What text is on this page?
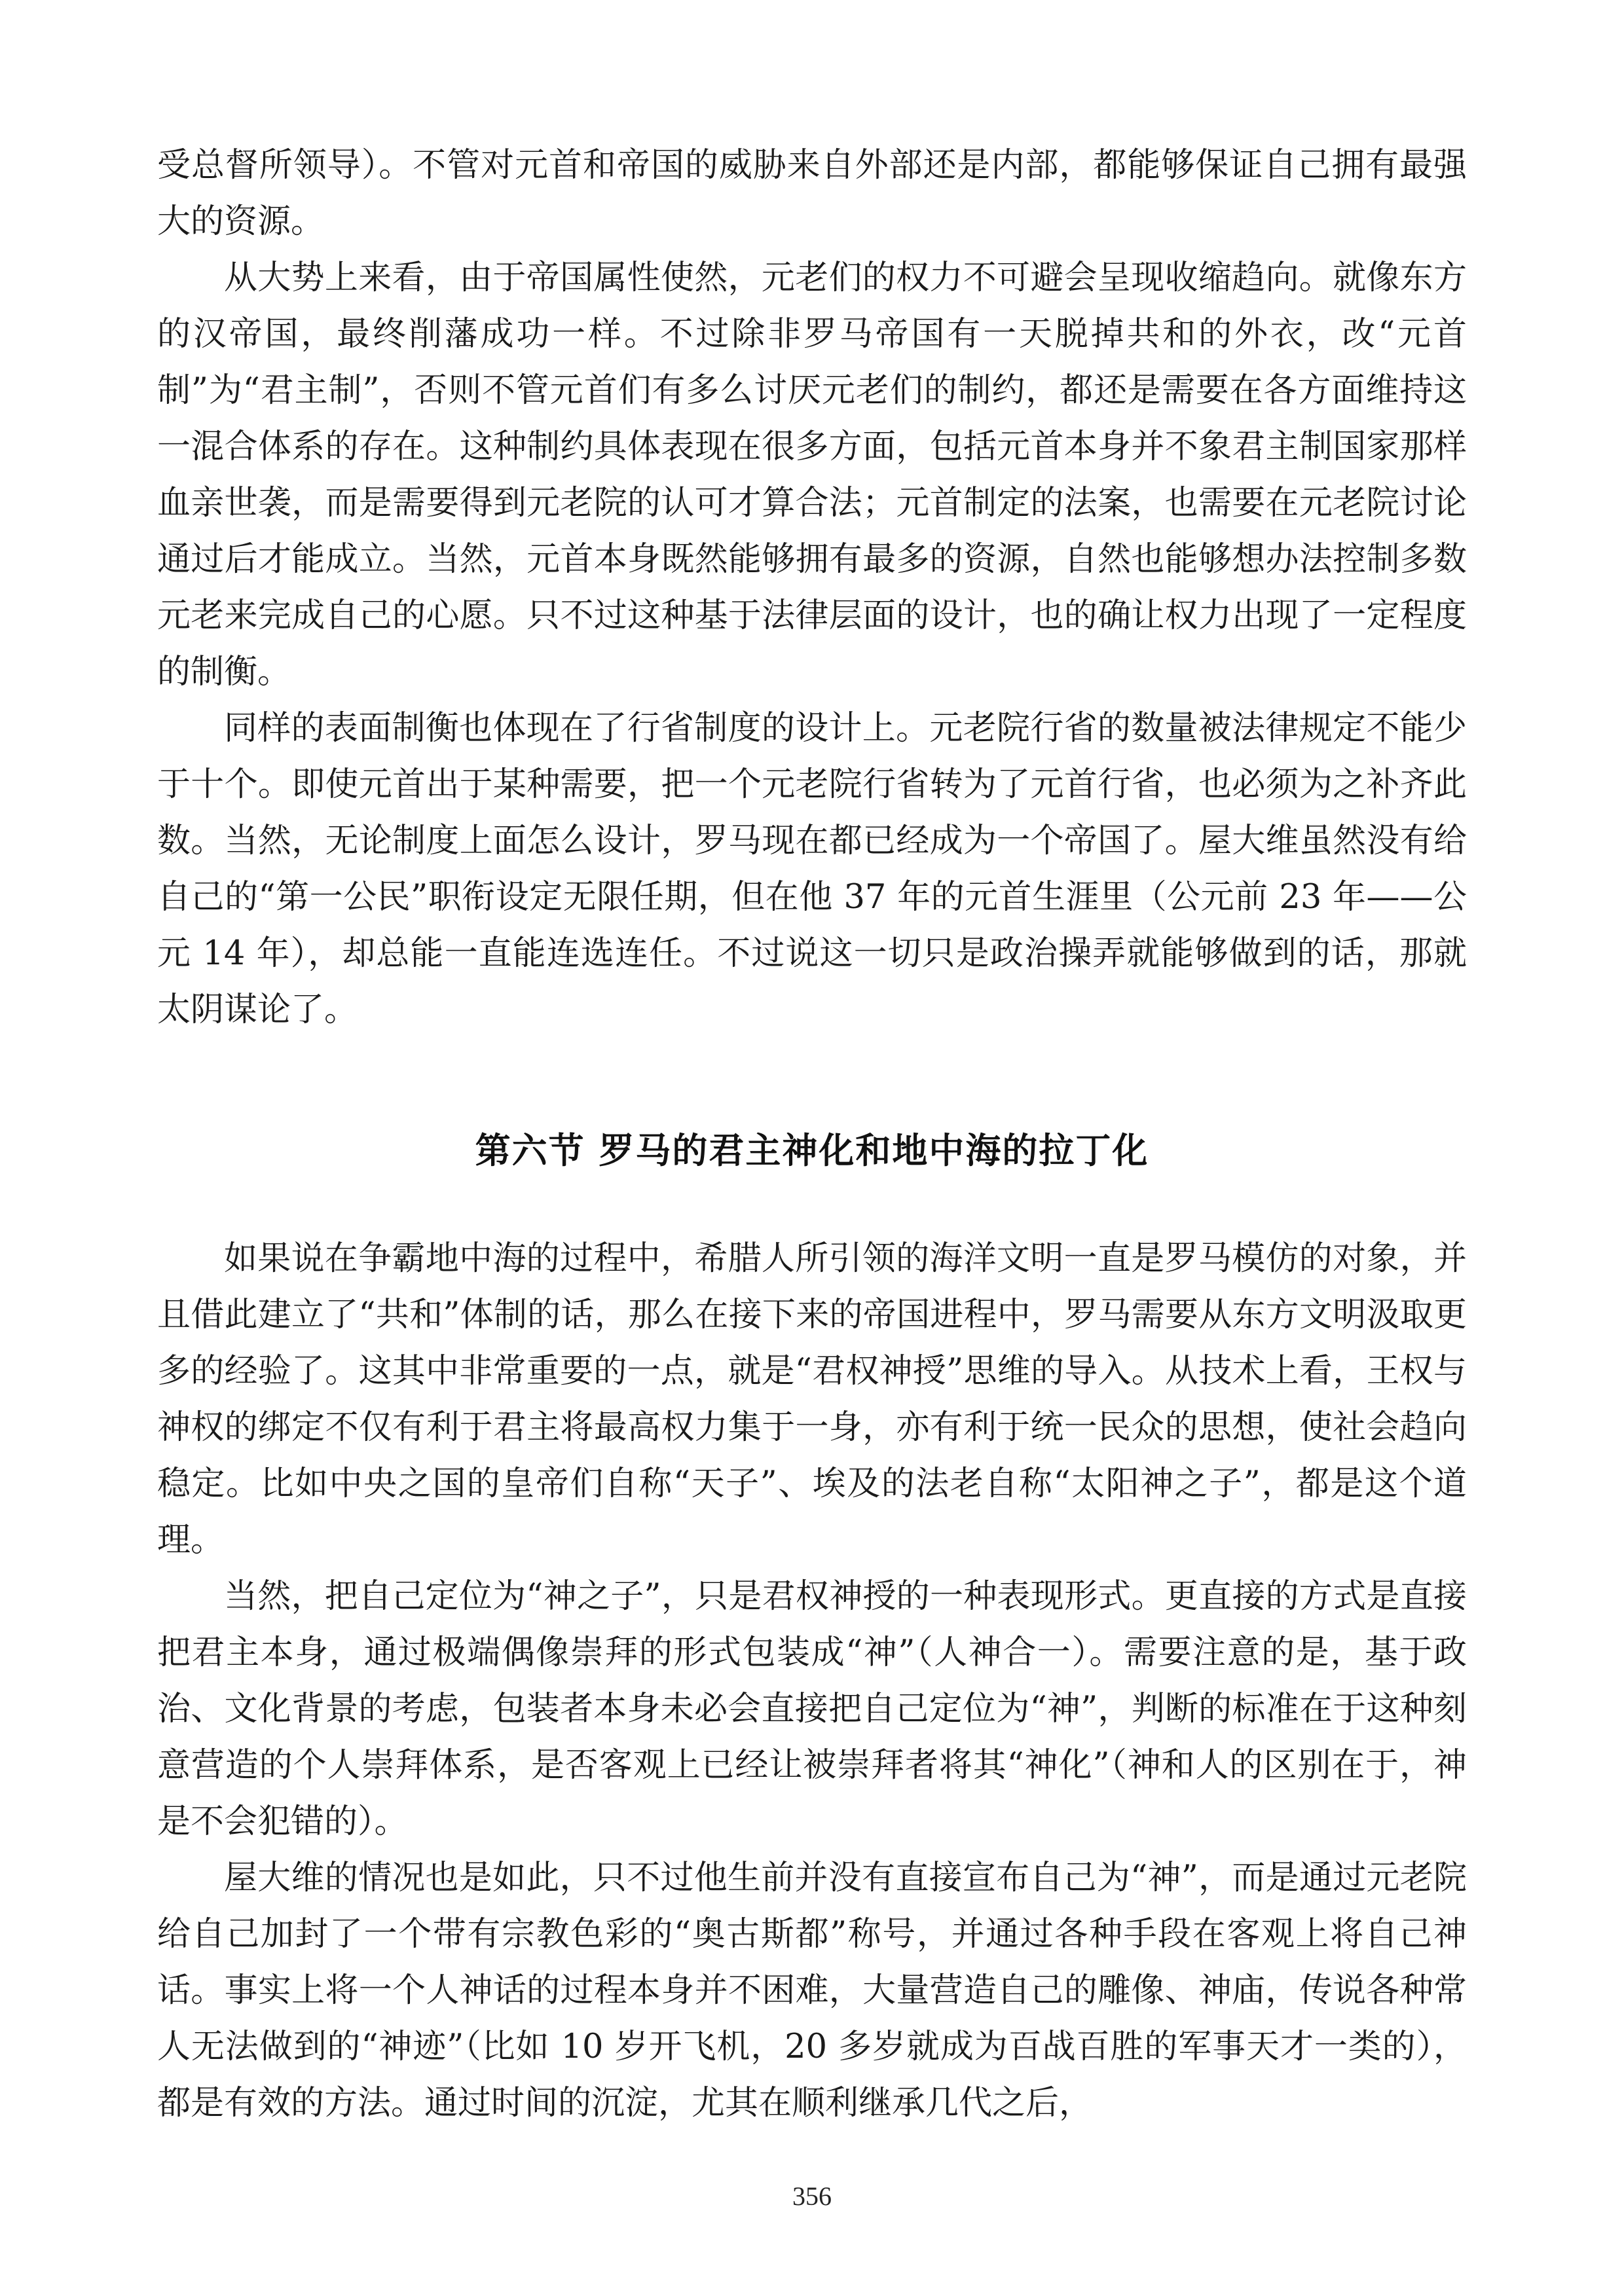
受总督所领导）。不管对元首和帝国的威胁来自外部还是内部，都能够保证自己拥有最强大的资源。

从大势上来看，由于帝国属性使然，元老们的权力不可避会呈现收缩趋向。就像东方的汉帝国，最终削藩成功一样。不过除非罗马帝国有一天脱掉共和的外衣，改“元首制”为“君主制”，否则不管元首们有多么讨厌元老们的制约，都还是需要在各方面维持这一混合体系的存在。这种制约具体表现在很多方面，包括元首本身并不象君主制国家那样血亲世袭，而是需要得到元老院的认可才算合法；元首制定的法案，也需要在元老院讨论通过后才能成立。当然，元首本身既然能够拥有最多的资源，自然也能够想办法控制多数元老来完成自己的心愿。只不过这种基于法律层面的设计，也的确让权力出现了一定程度的制衡。

同样的表面制衡也体现在了行省制度的设计上。元老院行省的数量被法律规定不能少于十个。即使元首出于某种需要，把一个元老院行省转为了元首行省，也必须为之补齐此数。当然，无论制度上面怎么设计，罗马现在都已经成为一个帝国了。屋大维虽然没有给自己的“第一公民”职衔设定无限任期，但在他 37 年的元首生涯里（公元前 23 年——公元 14 年），却总能一直能连选连任。不过说这一切只是政治操弄就能够做到的话，那就太阴谋论了。

第六节 罗马的君主神化和地中海的拉丁化

如果说在争霸地中海的过程中，希腊人所引领的海洋文明一直是罗马模仿的对象，并且借此建立了“共和”体制的话，那么在接下来的帝国进程中，罗马需要从东方文明汲取更多的经验了。这其中非常重要的一点，就是“君权神授”思维的导入。从技术上看，王权与神权的绑定不仅有利于君主将最高权力集于一身，亦有利于统一民众的思想，使社会趋向稳定。比如中央之国的皇帝们自称“天子”、埃及的法老自称“太阳神之子”，都是这个道理。

当然，把自己定位为“神之子”，只是君权神授的一种表现形式。更直接的方式是直接把君主本身，通过极端偶像崇拜的形式包装成“神”（人神合一）。需要注意的是，基于政治、文化背景的考虑，包装者本身未必会直接把自己定位为“神”，判断的标准在于这种刻意营造的个人崇拜体系，是否客观上已经让被崇拜者将其“神化”（神和人的区别在于，神是不会犯错的）。

屋大维的情况也是如此，只不过他生前并没有直接宣布自己为“神”，而是通过元老院给自己加封了一个带有宗教色彩的“奥古斯都”称号，并通过各种手段在客观上将自己神话。事实上将一个人神话的过程本身并不困难，大量营造自己的雕像、神庙，传说各种常人无法做到的“神迹”（比如 10 岁开飞机，20 多岁就成为百战百胜的军事天才一类的），都是有效的方法。通过时间的沉淀，尤其在顺利继承几代之后，

356
